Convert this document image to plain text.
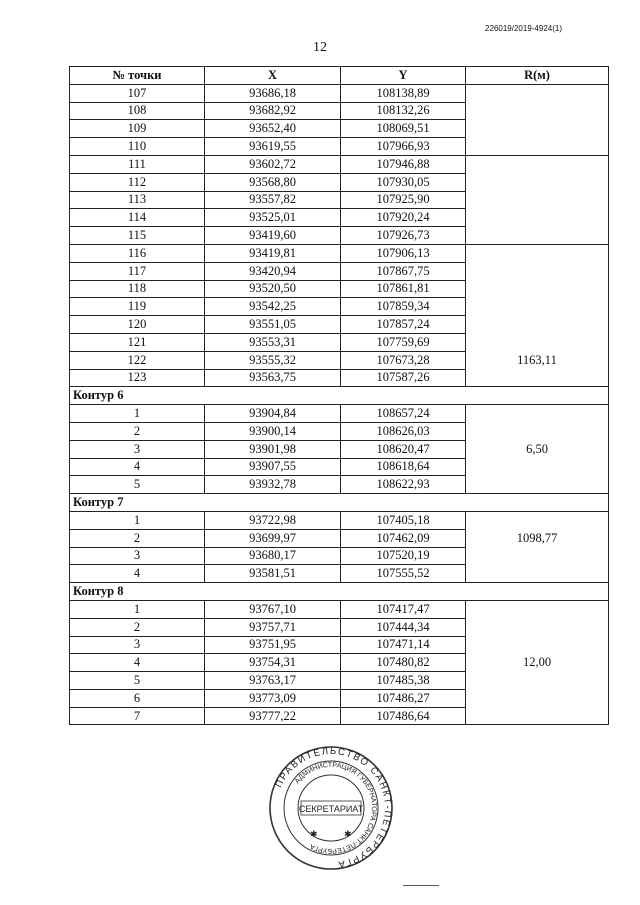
226019/2019-4924(1)
12
№ точки	X	Y	R(м)
107	93686,18	108138,89	
108	93682,92	108132,26	
109	93652,40	108069,51	
110	93619,55	107966,93	
111	93602,72	107946,88	
112	93568,80	107930,05	
113	93557,82	107925,90	
114	93525,01	107920,24	
115	93419,60	107926,73	
116	93419,81	107906,13	
117	93420,94	107867,75	
118	93520,50	107861,81	
119	93542,25	107859,34	
120	93551,05	107857,24	
121	93553,31	107759,69	
122	93555,32	107673,28	1163,11
123	93563,75	107587,26	
Контур 6			
1	93904,84	108657,24	
2	93900,14	108626,03	
3	93901,98	108620,47	6,50
4	93907,55	108618,64	
5	93932,78	108622,93	
Контур 7			
1	93722,98	107405,18	
2	93699,97	107462,09	1098,77
3	93680,17	107520,19	
4	93581,51	107555,52	
Контур 8			
1	93767,10	107417,47	
2	93757,71	107444,34	
3	93751,95	107471,14	
4	93754,31	107480,82	12,00
5	93763,17	107485,38	
6	93773,09	107486,27	
7	93777,22	107486,64	
ПРАВИТЕЛЬСТВО САНКТ-ПЕТЕРБУРГА
АДМИНИСТРАЦИЯ ГУБЕРНАТОРА САНКТ-ПЕТЕРБУРГА
СЕКРЕТАРИАТ
✱	✱
